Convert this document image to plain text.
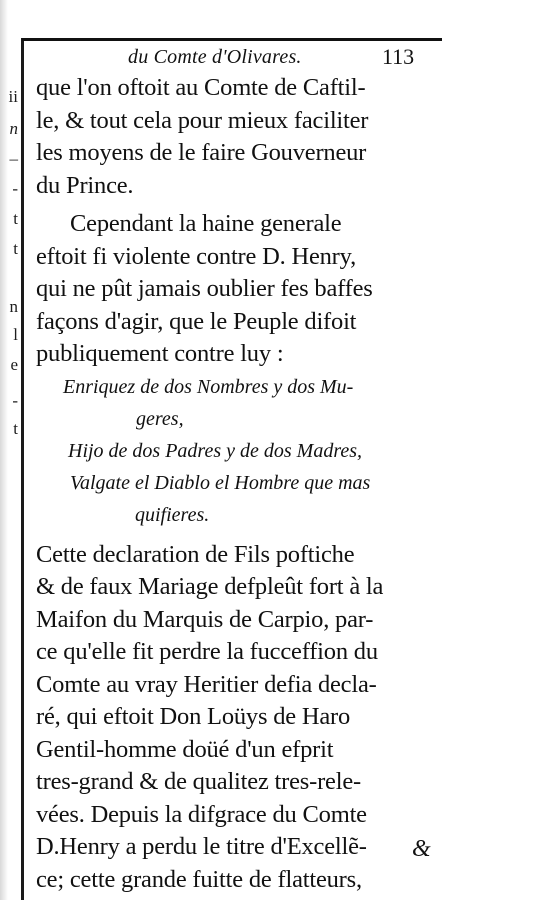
ii
n
–
-
t
t
n
l
e
-
t
du Comte d'Olivares.	113
que l'on oftoit au Comte de Caftil-
le, & tout cela pour mieux faciliter
les moyens de le faire Gouverneur
du Prince.
Cependant la haine generale
eftoit fi violente contre D. Henry,
qui ne pût jamais oublier fes baffes
façons d'agir, que le Peuple difoit
publiquement contre luy :
Enriquez de dos Nombres y dos Mu-
geres,
Hijo de dos Padres y de dos Madres,
Valgate el Diablo el Hombre que mas
quifieres.
Cette declaration de Fils poftiche
& de faux Mariage defpleût fort à la
Maifon du Marquis de Carpio, par-
ce qu'elle fit perdre la fucceffion du
Comte au vray Heritier defia declа-
ré, qui eftoit Don Loüys de Haro
Gentil-homme doüé d'un efprit
tres-grand & de qualitez tres-rele-
vées. Depuis la difgrace du Comte
D.Henry a perdu le titre d'Excellẽ-
ce; cette grande fuitte de flatteurs,
&
